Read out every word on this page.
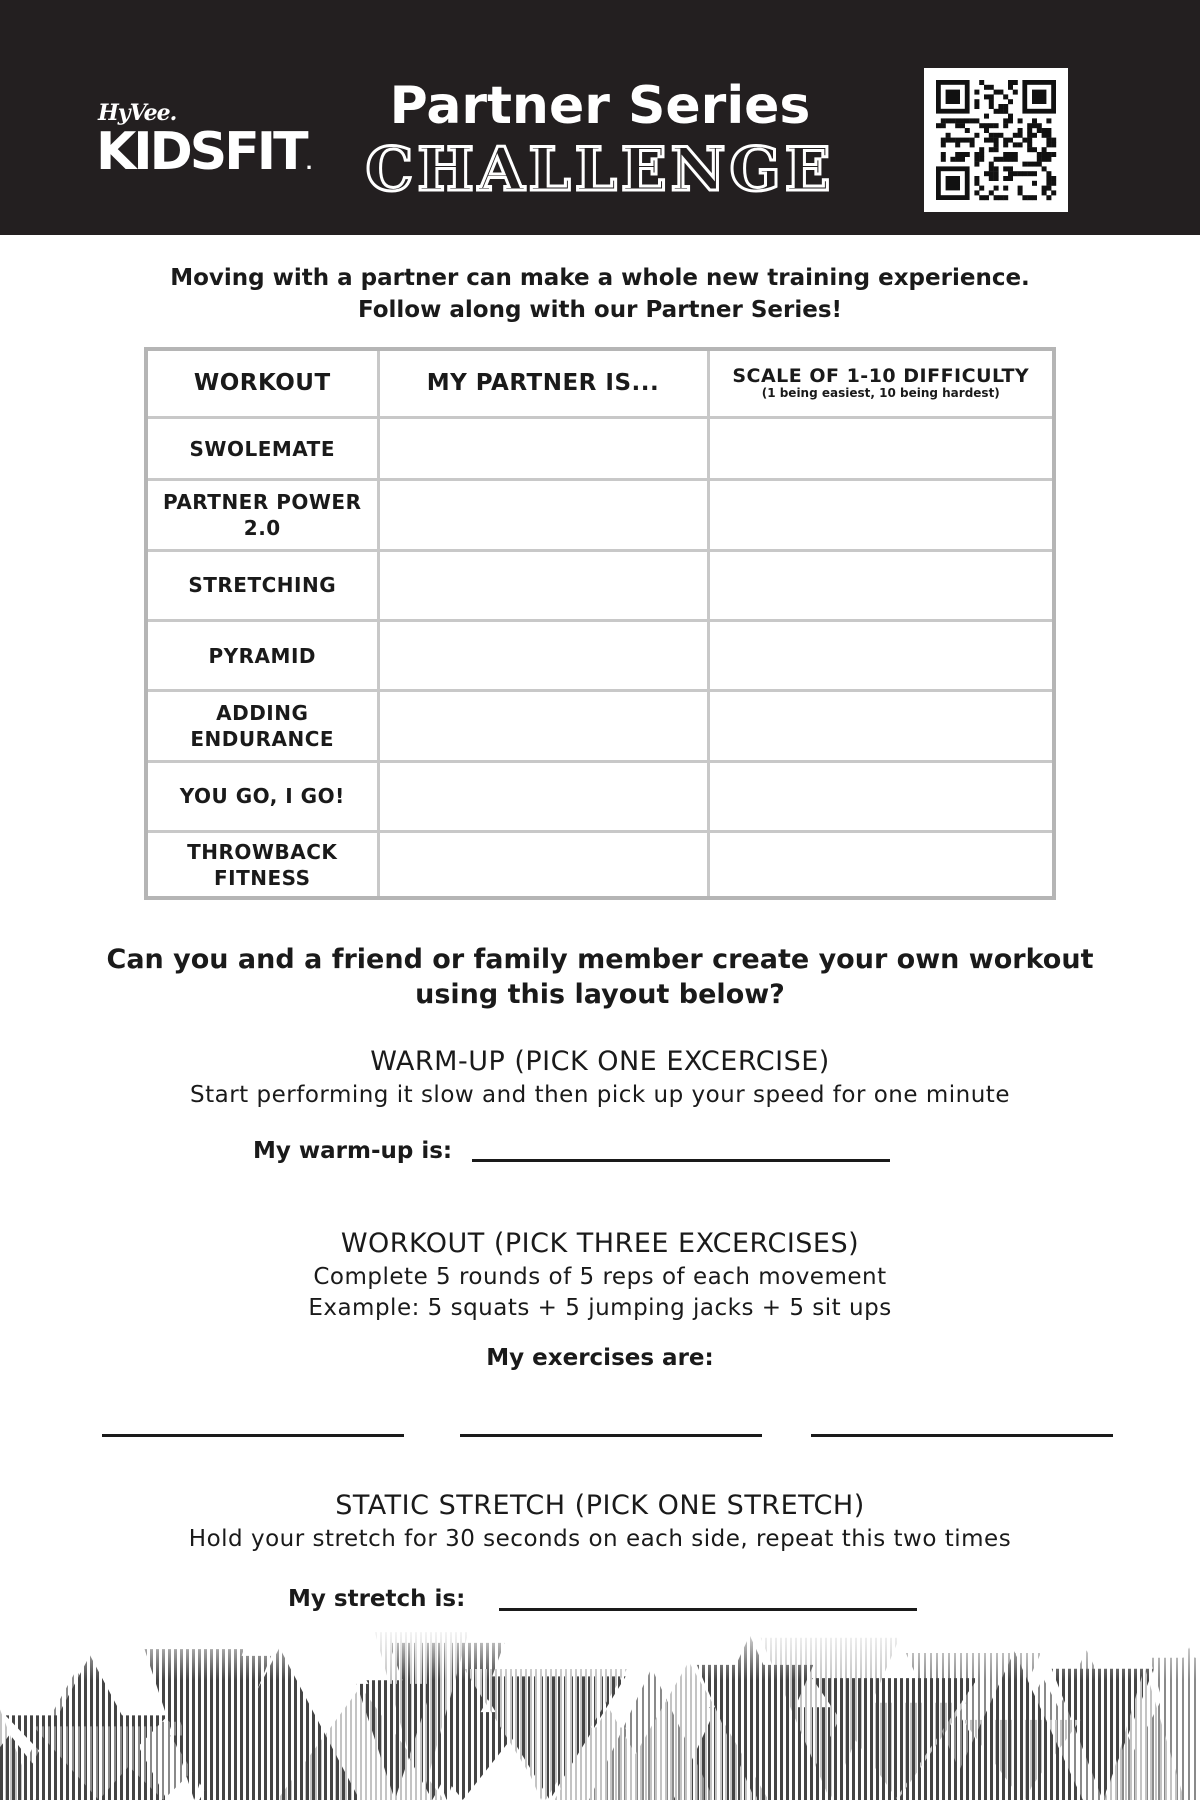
HyVee.
KIDSFIT.
Partner Series
CHALLENGE
Moving with a partner can make a whole new training experience.
Follow along with our Partner Series!
WORKOUT	MY PARTNER IS...	SCALE OF 1-10 DIFFICULTY
(1 being easiest, 10 being hardest)

SWOLEMATE		

PARTNER POWER
2.0		

STRETCHING		

PYRAMID		

ADDING
ENDURANCE		

YOU GO, I GO!		

THROWBACK
FITNESS		

Can you and a friend or family member create your own workout
using this layout below?
WARM-UP (PICK ONE EXCERCISE)
Start performing it slow and then pick up your speed for one minute
My warm-up is:
WORKOUT (PICK THREE EXCERCISES)
Complete 5 rounds of 5 reps of each movement
Example: 5 squats + 5 jumping jacks + 5 sit ups
My exercises are:
STATIC STRETCH (PICK ONE STRETCH)
Hold your stretch for 30 seconds on each side, repeat this two times
My stretch is:
